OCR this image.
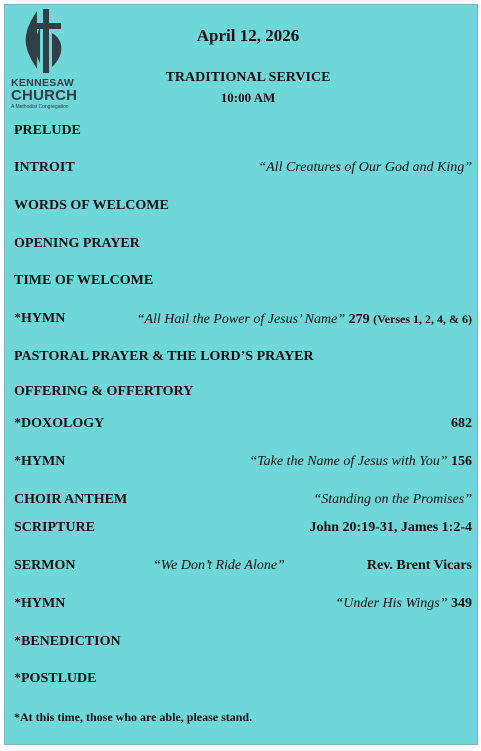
KENNESAW
CHURCH
A Methodist Congregation
April 12, 2026
TRADITIONAL SERVICE
10:00 AM
PRELUDE
INTROIT	“All Creatures of Our God and King”
WORDS OF WELCOME
OPENING PRAYER
TIME OF WELCOME
*HYMN	“All Hail the Power of Jesus’ Name” 279 (Verses 1, 2, 4, & 6)
PASTORAL PRAYER & THE LORD’S PRAYER
OFFERING & OFFERTORY
*DOXOLOGY	682
*HYMN	“Take the Name of Jesus with You” 156
CHOIR ANTHEM	“Standing on the Promises”
SCRIPTURE	John 20:19-31, James 1:2-4
SERMON	“We Don’t Ride Alone”	Rev. Brent Vicars
*HYMN	“Under His Wings” 349
*BENEDICTION
*POSTLUDE
*At this time, those who are able, please stand.
